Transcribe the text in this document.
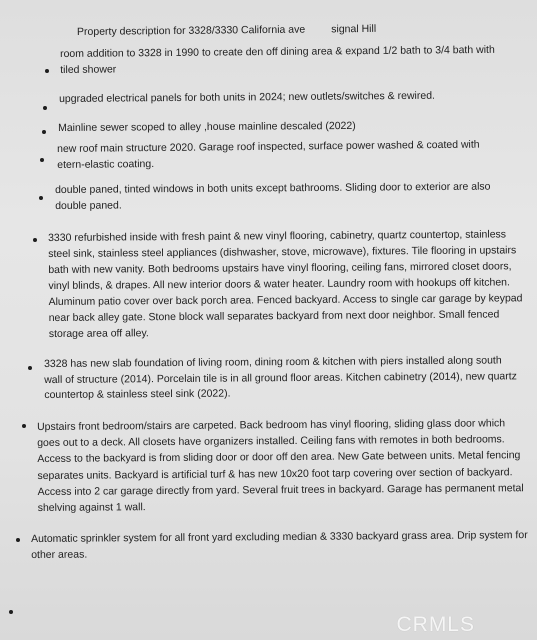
Property description for 3328/3330 California ave signal Hill
room addition to 3328 in 1990 to create den off dining area & expand 1/2 bath to 3/4 bath with tiled shower
upgraded electrical panels for both units in 2024; new outlets/switches & rewired.
Mainline sewer scoped to alley ,house mainline descaled (2022)
new roof main structure 2020. Garage roof inspected, surface power washed & coated with etern-elastic coating.
double paned, tinted windows in both units except bathrooms. Sliding door to exterior are also double paned.
3330 refurbished inside with fresh paint & new vinyl flooring, cabinetry, quartz countertop, stainless steel sink, stainless steel appliances (dishwasher, stove, microwave), fixtures. Tile flooring in upstairs bath with new vanity. Both bedrooms upstairs have vinyl flooring, ceiling fans, mirrored closet doors, vinyl blinds, & drapes. All new interior doors & water heater. Laundry room with hookups off kitchen. Aluminum patio cover over back porch area. Fenced backyard. Access to single car garage by keypad near back alley gate. Stone block wall separates backyard from next door neighbor. Small fenced storage area off alley.
3328 has new slab foundation of living room, dining room & kitchen with piers installed along south wall of structure (2014). Porcelain tile is in all ground floor areas. Kitchen cabinetry (2014), new quartz countertop & stainless steel sink (2022).
Upstairs front bedroom/stairs are carpeted. Back bedroom has vinyl flooring, sliding glass door which goes out to a deck. All closets have organizers installed. Ceiling fans with remotes in both bedrooms. Access to the backyard is from sliding door or door off den area. New Gate between units. Metal fencing separates units. Backyard is artificial turf & has new 10x20 foot tarp covering over section of backyard. Access into 2 car garage directly from yard. Several fruit trees in backyard. Garage has permanent metal shelving against 1 wall.
Automatic sprinkler system for all front yard excluding median & 3330 backyard grass area. Drip system for other areas.
CRMLS
